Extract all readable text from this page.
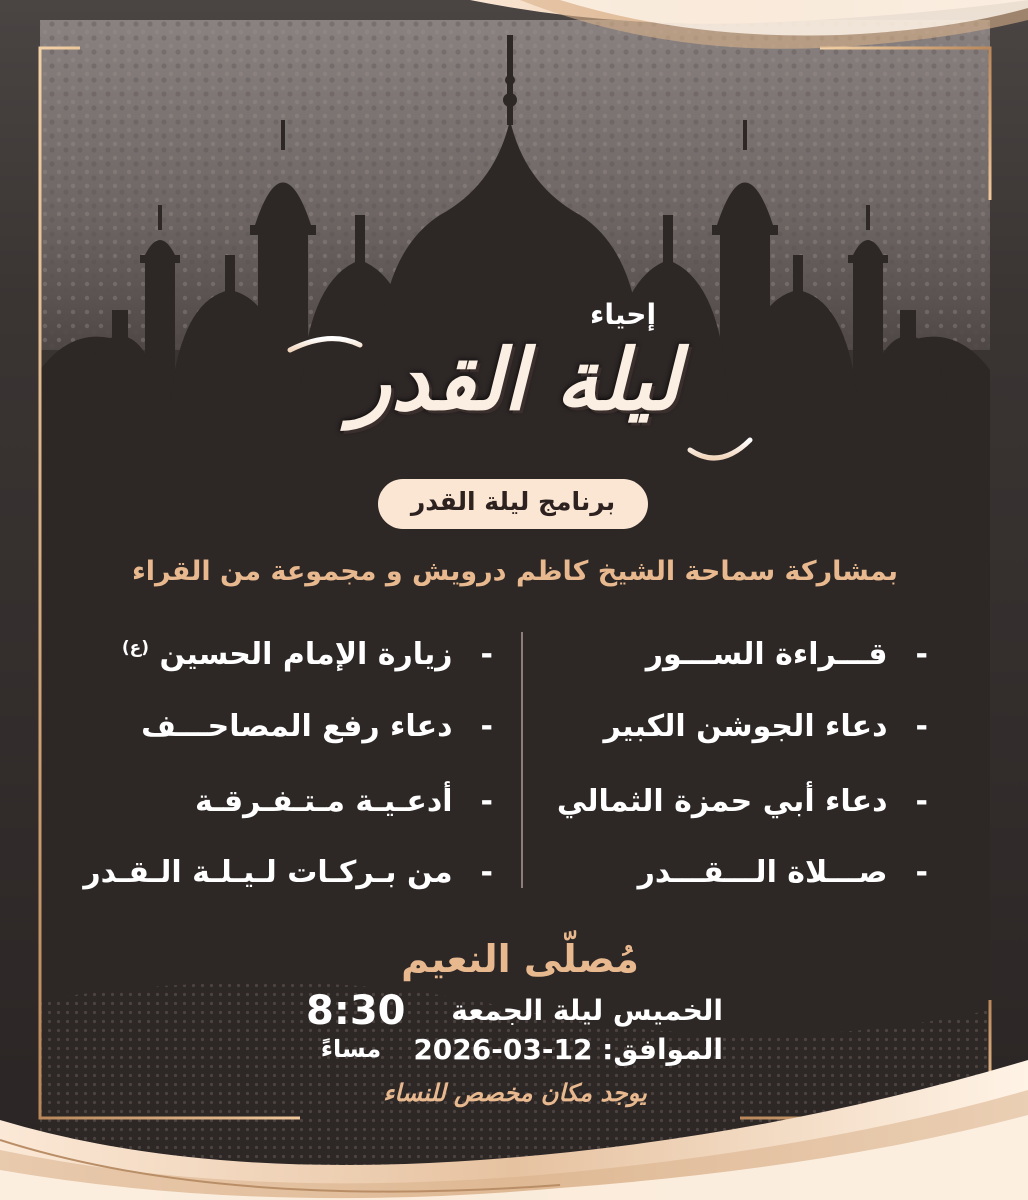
إحياء
ليلة القدر
برنامج ليلة القدر
بمشاركة سماحة الشيخ كاظم درويش و مجموعة من القراء
-قـــراءة الســـور
-دعاء الجوشن الكبير
-دعاء أبي حمزة الثمالي
-صـــلاة الـــقـــدر
-زيارة الإمام الحسين $^{(ع)}$
-دعاء رفع المصاحـــف
-أدعـيـة مـتـفـرقـة
-من بـركـات لـيـلـة الـقـدر
مُصلّى النعيم
الخميس ليلة الجمعة
الموافق: 12-03-2026
8:30
مساءً
يوجد مكان مخصص للنساء
